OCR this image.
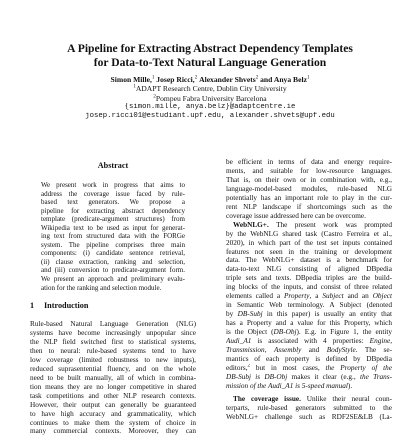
A Pipeline for Extracting Abstract Dependency Templates
for Data-to-Text Natural Language Generation
Simon Mille,$^1$ Josep Ricci,$^2$ Alexander Shvets$^2$ and Anya Belz$^1$
$^1$ADAPT Research Centre, Dublin City University
$^2$Pompeu Fabra University Barcelona
{simon.mille, anya.belz}@adaptcentre.ie
josep.ricci01@estudiant.upf.edu, alexander.shvets@upf.edu
Abstract
We present work in progress that aims to
address the coverage issue faced by rule-
based text generators. We propose a
pipeline for extracting abstract dependency
template (predicate-argument structures) from
Wikipedia text to be used as input for generat-
ing text from structured data with the FORGe
system. The pipeline comprises three main
components: (i) candidate sentence retrieval,
(ii) clause extraction, ranking and selection,
and (iii) conversion to predicate-argument form.
We present an approach and preliminary evalu-
ation for the ranking and selection module.
1 Introduction
Rule-based Natural Language Generation (NLG)
systems have become increasingly unpopular since
the NLP field switched first to statistical systems,
then to neural: rule-based systems tend to have
low coverage (limited robustness to new inputs),
reduced suprasentential fluency, and on the whole
need to be built manually, all of which in combina-
tion means they are no longer competitive in shared
task competitions and other NLP research contexts.
However, their output can generally be guaranteed
to have high accuracy and grammaticality, which
continues to make them the system of choice in
many commercial contexts. Moreover, they can
be efficient in terms of data and energy require-
ments, and suitable for low-resource languages.
That is, on their own or in combination with, e.g.,
language-model-based modules, rule-based NLG
potentially has an important role to play in the cur-
rent NLP landscape if shortcomings such as the
coverage issue addressed here can be overcome.
WebNLG+. The present work was prompted
by the WebNLG shared task (Castro Ferreira et al.,
2020), in which part of the test set inputs contained
features not seen in the training or development
data. The WebNLG+ dataset is a benchmark for
data-to-text NLG consisting of aligned DBpedia
triple sets and texts. DBpedia triples are the build-
ing blocks of the inputs, and consist of three related
elements called a Property, a Subject and an Object
in Semantic Web terminology. A Subject (denoted
by DB-Subj in this paper) is usually an entity that
has a Property and a value for this Property, which
is the Object (DB-Obj). E.g. in Figure 1, the entity
Audi_A1 is associated with 4 properties: Engine,
Transmission, Assembly and BodyStyle. The se-
mantics of each property is defined by DBpedia
editors,$^2$ but in most cases, the Property of the
DB-Subj is DB-Obj makes it clear (e.g., the Trans-
mission of the Audi_A1 is 5-speed manual).
The coverage issue. Unlike their neural coun-
terparts, rule-based generators submitted to the
WebNLG+ challenge such as RDF2SE&LB (La-
